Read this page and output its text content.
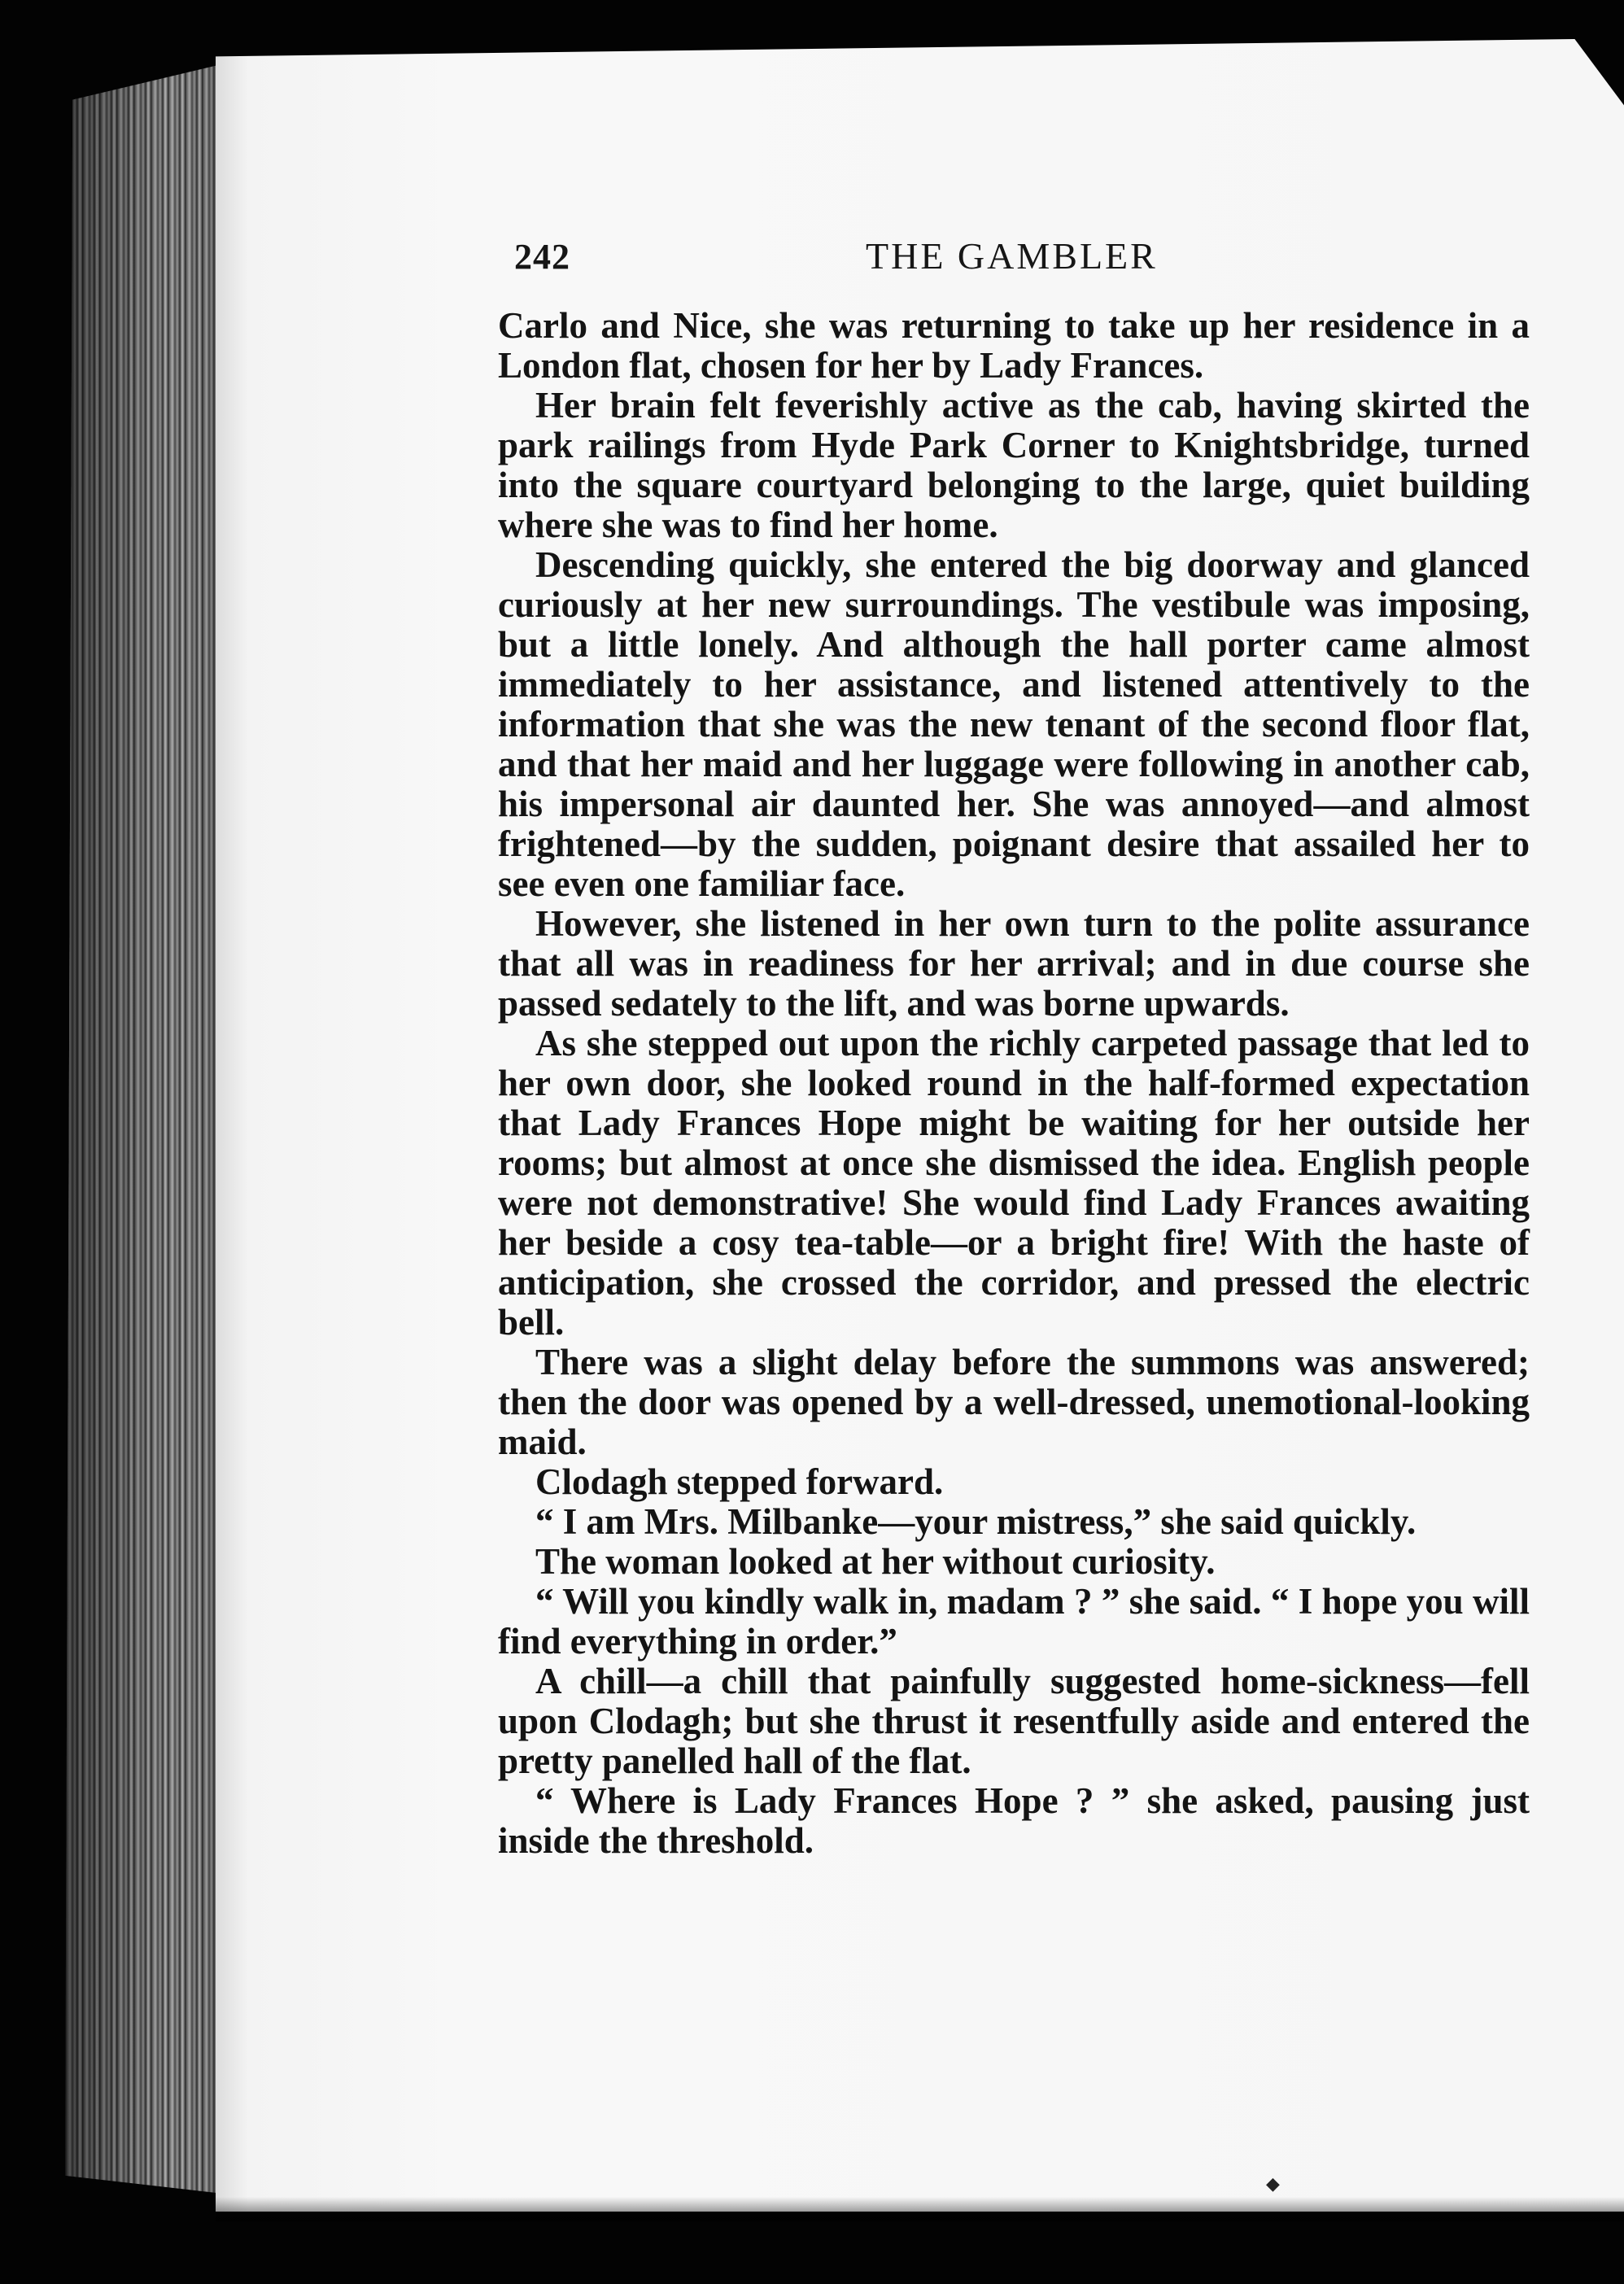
242	THE GAMBLER

Carlo and Nice, she was returning to take up her residence in a London flat, chosen for her by Lady Frances.

Her brain felt feverishly active as the cab, having skirted the park railings from Hyde Park Corner to Knightsbridge, turned into the square courtyard belonging to the large, quiet building where she was to find her home.

Descending quickly, she entered the big doorway and glanced curiously at her new surroundings. The vestibule was imposing, but a little lonely. And although the hall porter came almost immediately to her assistance, and listened attentively to the information that she was the new tenant of the second floor flat, and that her maid and her luggage were following in another cab, his impersonal air daunted her. She was annoyed—and almost frightened—by the sudden, poignant desire that assailed her to see even one familiar face.

However, she listened in her own turn to the polite assurance that all was in readiness for her arrival; and in due course she passed sedately to the lift, and was borne upwards.

As she stepped out upon the richly carpeted passage that led to her own door, she looked round in the half-formed expectation that Lady Frances Hope might be waiting for her outside her rooms; but almost at once she dismissed the idea. English people were not demonstrative! She would find Lady Frances awaiting her beside a cosy tea-table—or a bright fire! With the haste of anticipation, she crossed the corridor, and pressed the electric bell.

There was a slight delay before the summons was answered; then the door was opened by a well-dressed, unemotional-looking maid.

Clodagh stepped forward.

“ I am Mrs. Milbanke—your mistress,” she said quickly.

The woman looked at her without curiosity.

“ Will you kindly walk in, madam ? ” she said. “ I hope you will find everything in order.”

A chill—a chill that painfully suggested home-sickness—fell upon Clodagh; but she thrust it resentfully aside and entered the pretty panelled hall of the flat.

“ Where is Lady Frances Hope ? ” she asked, pausing just inside the threshold.

◆
